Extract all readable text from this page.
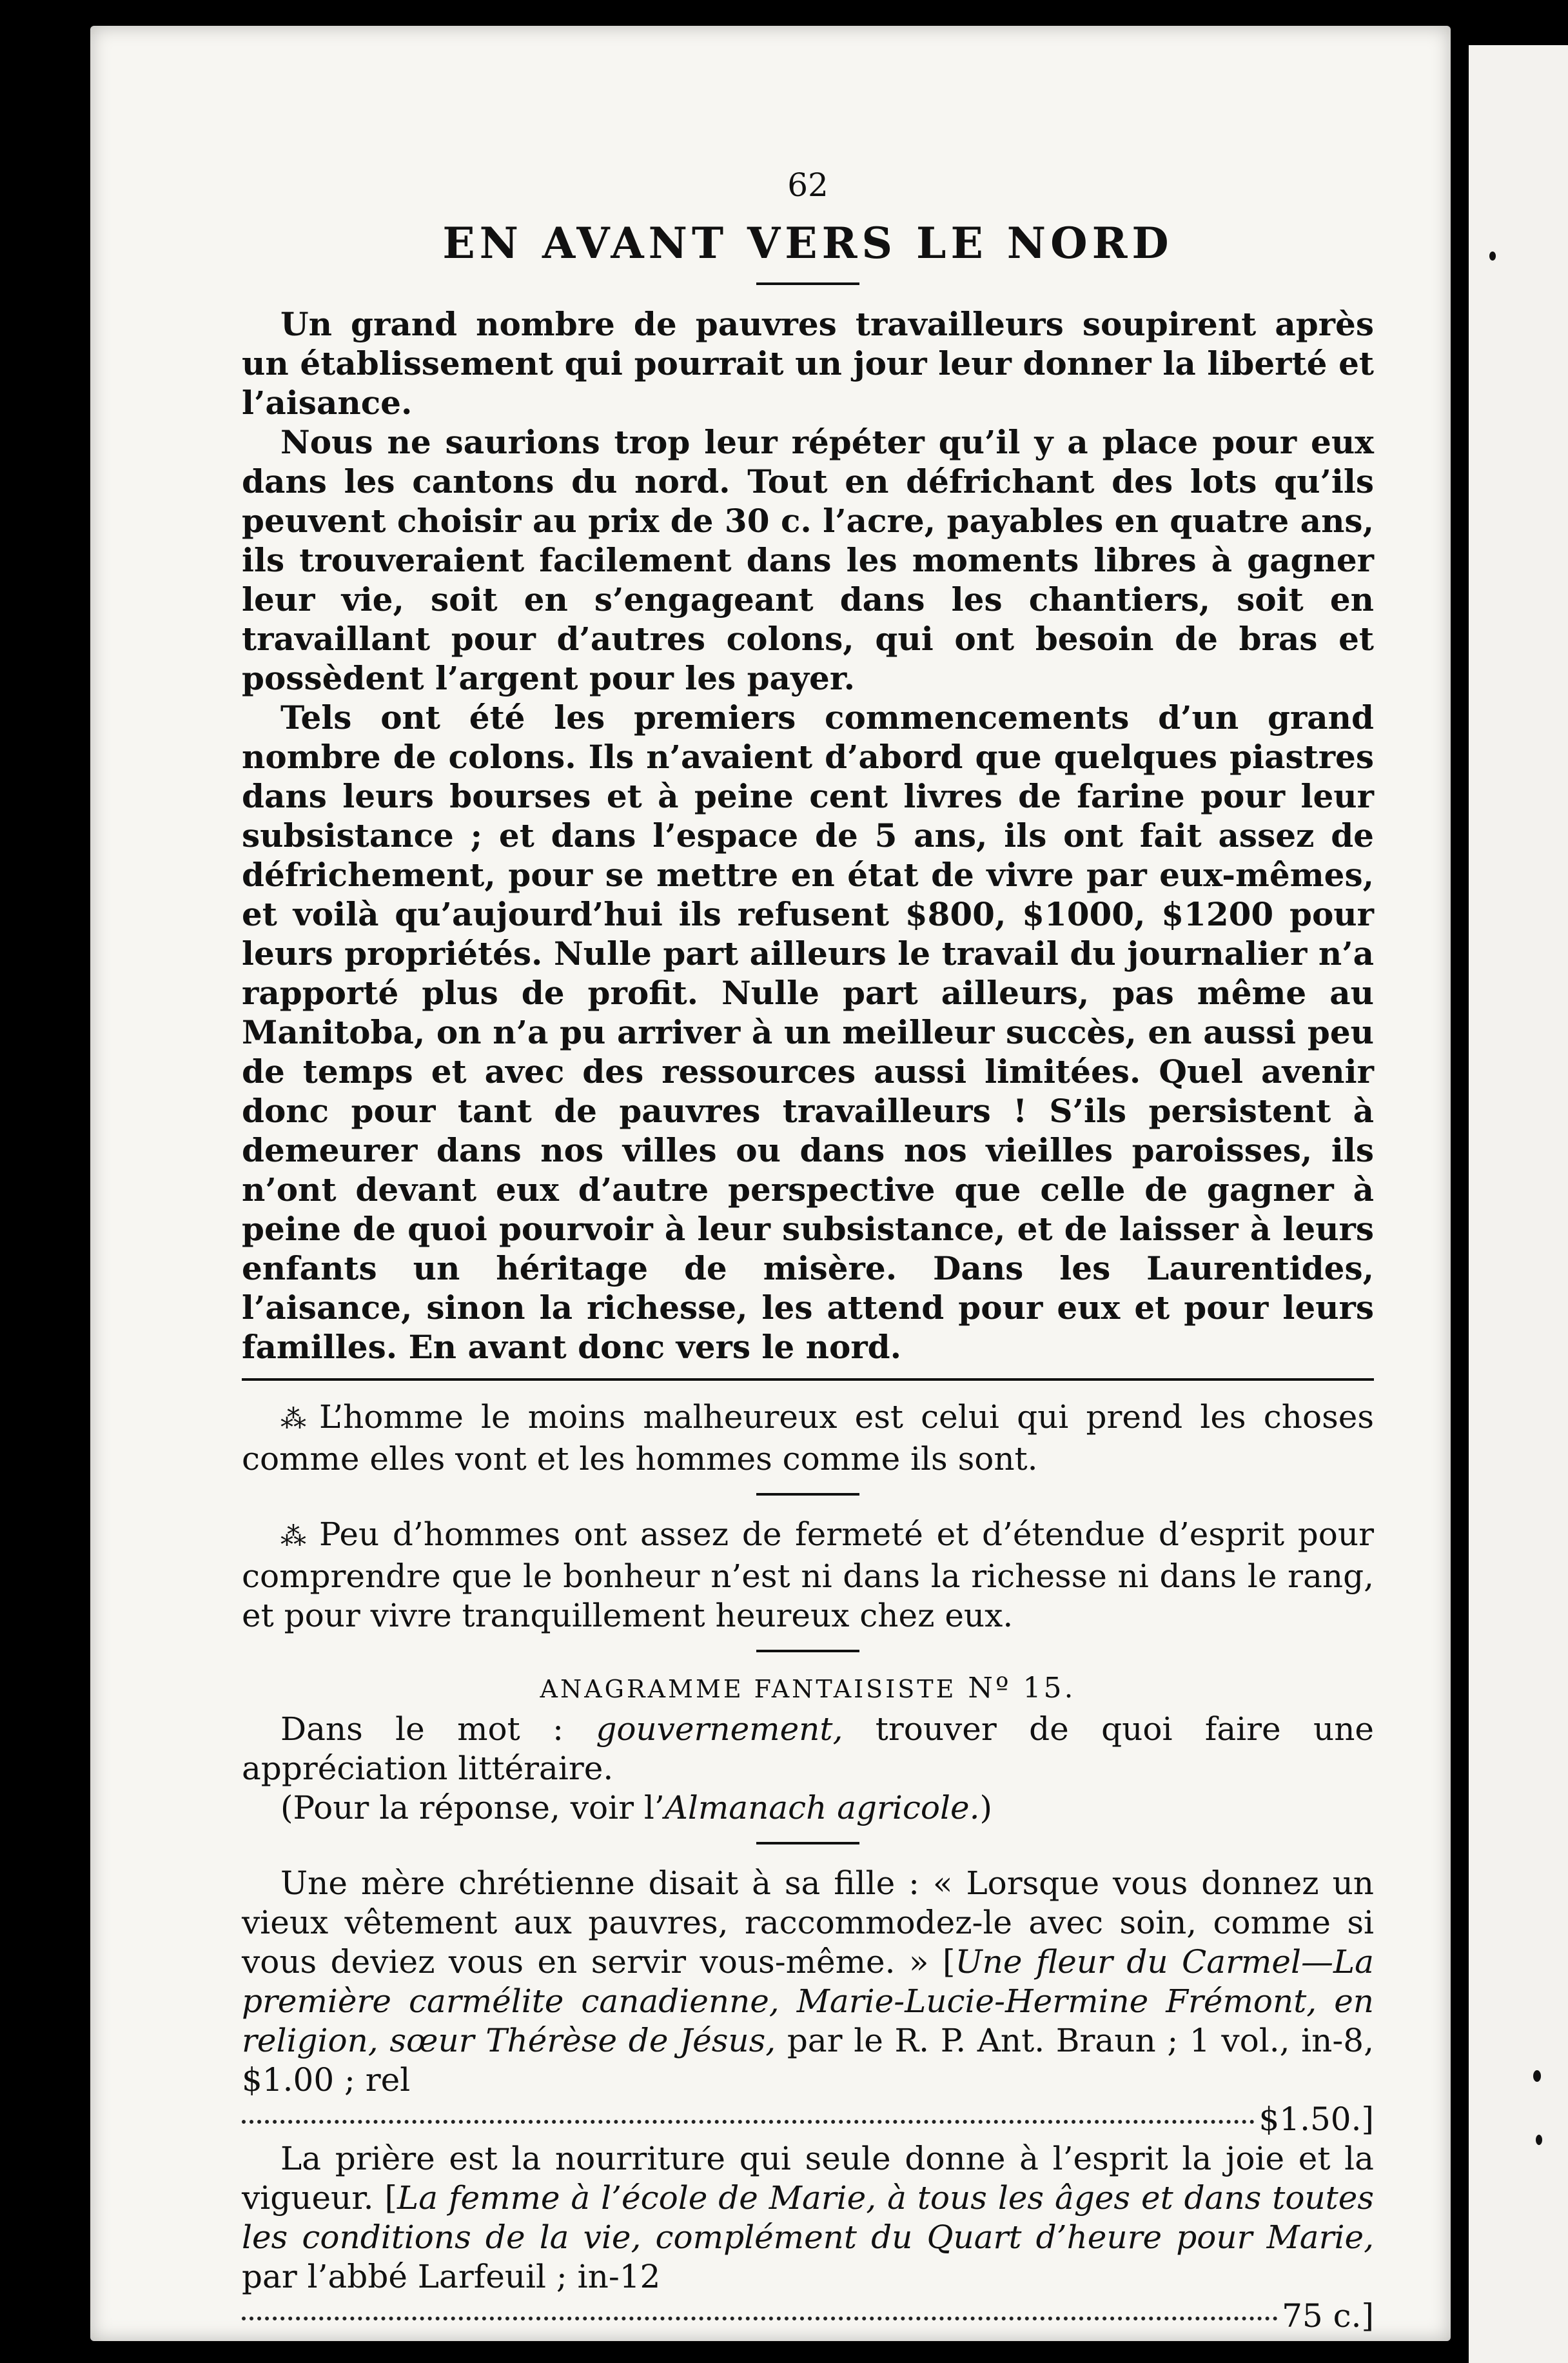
62
EN AVANT VERS LE NORD

Un grand nombre de pauvres travailleurs soupirent après un établissement qui pourrait un jour leur donner la liberté et l’aisance.

Nous ne saurions trop leur répéter qu’il y a place pour eux dans les cantons du nord. Tout en défrichant des lots qu’ils peuvent choisir au prix de 30 c. l’acre, payables en quatre ans, ils trouveraient facilement dans les moments libres à gagner leur vie, soit en s’engageant dans les chantiers, soit en travaillant pour d’autres colons, qui ont besoin de bras et possèdent l’argent pour les payer.

Tels ont été les premiers commencements d’un grand nombre de colons. Ils n’avaient d’abord que quelques piastres dans leurs bourses et à peine cent livres de farine pour leur subsistance ; et dans l’espace de 5 ans, ils ont fait assez de défrichement, pour se mettre en état de vivre par eux-mêmes, et voilà qu’aujourd’hui ils refusent $800, $1000, $1200 pour leurs propriétés. Nulle part ailleurs le travail du journalier n’a rapporté plus de profit. Nulle part ailleurs, pas même au Manitoba, on n’a pu arriver à un meilleur succès, en aussi peu de temps et avec des ressources aussi limitées. Quel avenir donc pour tant de pauvres travailleurs ! S’ils persistent à demeurer dans nos villes ou dans nos vieilles paroisses, ils n’ont devant eux d’autre perspective que celle de gagner à peine de quoi pourvoir à leur subsistance, et de laisser à leurs enfants un héritage de misère. Dans les Laurentides, l’aisance, sinon la richesse, les attend pour eux et pour leurs familles. En avant donc vers le nord.

⁂ L’homme le moins malheureux est celui qui prend les choses comme elles vont et les hommes comme ils sont.

⁂ Peu d’hommes ont assez de fermeté et d’étendue d’esprit pour comprendre que le bonheur n’est ni dans la richesse ni dans le rang, et pour vivre tranquillement heureux chez eux.

ANAGRAMME FANTAISISTE Nº 15.

Dans le mot : gouvernement, trouver de quoi faire une appréciation littéraire.

(Pour la réponse, voir l’Almanach agricole.)

Une mère chrétienne disait à sa fille : « Lorsque vous donnez un vieux vêtement aux pauvres, raccommodez-le avec soin, comme si vous deviez vous en servir vous-même. » [Une fleur du Carmel—La première carmélite canadienne, Marie-Lucie-Hermine Frémont, en religion, sœur Thérèse de Jésus, par le R. P. Ant. Braun ; 1 vol., in-8, $1.00 ; rel

$1.50.]

La prière est la nourriture qui seule donne à l’esprit la joie et la vigueur. [La femme à l’école de Marie, à tous les âges et dans toutes les conditions de la vie, complément du Quart d’heure pour Marie, par l’abbé Larfeuil ; in-12

75 c.]
